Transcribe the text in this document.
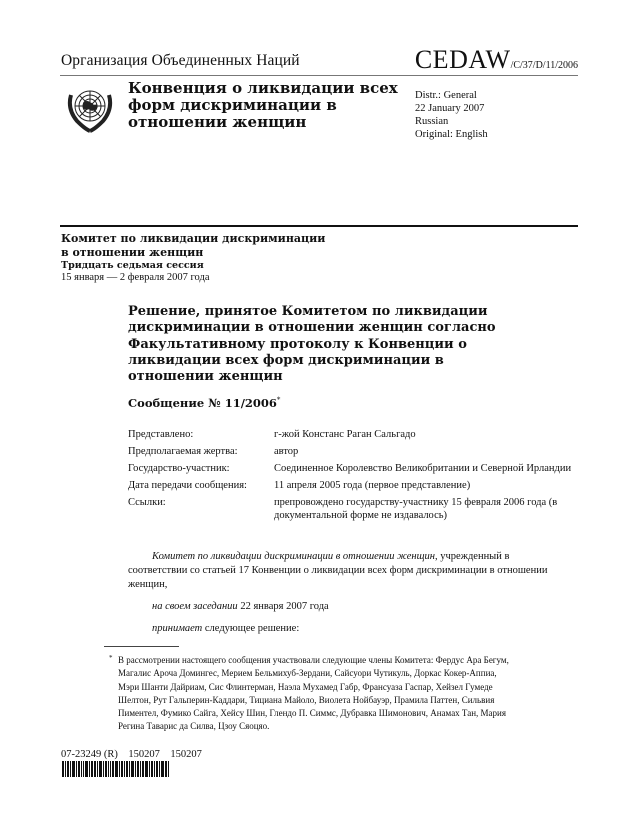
Организация Объединенных Наций	CEDAW/C/37/D/11/2006
Конвенция о ликвидации всех форм дискриминации в отношении женщин
Distr.: General
22 January 2007
Russian
Original: English
Комитет по ликвидации дискриминации
в отношении женщин
Тридцать седьмая сессия
15 января — 2 февраля 2007 года
Решение, принятое Комитетом по ликвидации дискриминации в отношении женщин согласно Факультативному протоколу к Конвенции о ликвидации всех форм дискриминации в отношении женщин
Сообщение № 11/2006*
Представлено:	г-жой Констанс Раган Сальгадо
Предполагаемая жертва:	автор
Государство-участник:	Соединенное Королевство Великобритании и Северной Ирландии
Дата передачи сообщения:	11 апреля 2005 года (первое представление)
Ссылки:	препровождено государству-участнику 15 февраля 2006 года (в документальной форме не издавалось)

Комитет по ликвидации дискриминации в отношении женщин, учрежденный в соответствии со статьей 17 Конвенции о ликвидации всех форм дискриминации в отношении женщин,

на своем заседании 22 января 2007 года

принимает следующее решение:

* В рассмотрении настоящего сообщения участвовали следующие члены Комитета: Фердус Ара Бегум, Магалис Ароча Домингес, Мерием Бельмихуб-Зердани, Сайсуори Чутикуль, Доркас Кокер-Аппиа, Мэри Шанти Дайриам, Сис Флинтерман, Наэла Мухамед Габр, Франсуаза Гаспар, Хейзел Гумеде Шелтон, Рут Гальперин-Каддари, Тициана Майоло, Виолета Нойбауэр, Прамила Паттен, Сильвия Пиментел, Фумико Сайга, Хейсу Шин, Глендо П. Симмс, Дубравка Шимонович, Анамах Тан, Мария Регина Таварис да Силва, Цзоу Сяоцяо.
07-23249 (R)    150207    150207
